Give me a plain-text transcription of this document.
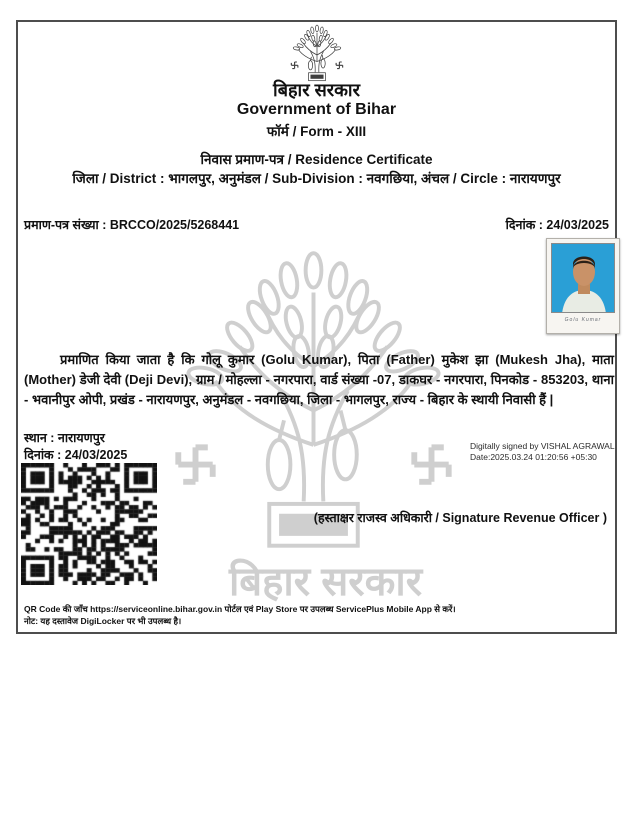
बिहार सरकार
Government of Bihar
फॉर्म / Form - XIII
निवास प्रमाण-पत्र / Residence Certificate
जिला / District : भागलपुर, अनुमंडल / Sub-Division : नवगछिया, अंचल / Circle : नारायणपुर
प्रमाण-पत्र संख्या : BRCCO/2025/5268441	दिनांक : 24/03/2025
Golu Kumar
बिहार सरकार
प्रमाणित किया जाता है कि गोलू कुमार (Golu Kumar), पिता (Father) मुकेश झा (Mukesh Jha), माता (Mother) डेजी देवी (Deji Devi), ग्राम / मोहल्ला - नगरपारा, वार्ड संख्या -07, डाकघर - नगरपारा, पिनकोड - 853203, थाना - भवानीपुर ओपी, प्रखंड - नारायणपुर, अनुमंडल - नवगछिया, जिला - भागलपुर, राज्य - बिहार के स्थायी निवासी हैं |
स्थान : नारायणपुर
दिनांक : 24/03/2025
Digitally signed by VISHAL AGRAWAL
Date:2025.03.24 01:20:56 +05:30
(हस्ताक्षर राजस्व अधिकारी / Signature Revenue Officer )
QR Code की जाँच https://serviceonline.bihar.gov.in पोर्टल एवं Play Store पर उपलब्ध ServicePlus Mobile App से करें।
नोट: यह दस्तावेज DigiLocker पर भी उपलब्ध है।
